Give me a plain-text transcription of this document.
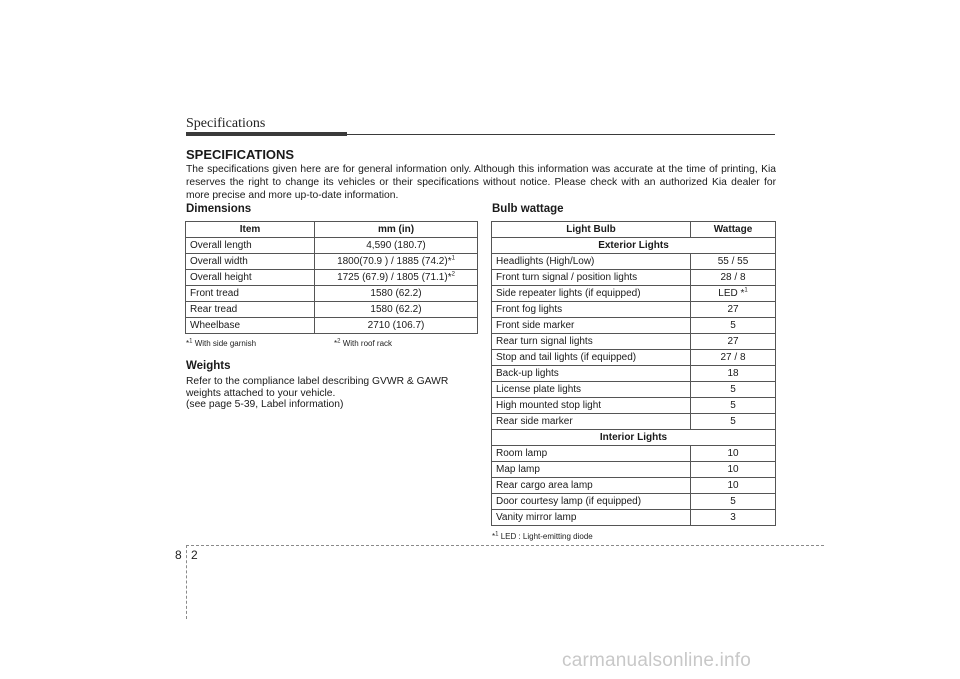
Specifications
SPECIFICATIONS

The specifications given here are for general information only. Although this information was accurate at the time of printing, Kia reserves the right to change its vehicles or their specifications without notice. Please check with an authorized Kia dealer for more precise and more up-to-date information.

Dimensions
Item	mm (in)
Overall length	4,590 (180.7)
Overall width	1800(70.9 ) / 1885 (74.2)*$^1$
Overall height	1725 (67.9) / 1805 (71.1)*$^2$
Front tread	1580 (62.2)
Rear tread	1580 (62.2)
Wheelbase	2710 (106.7)
*$^1$ With side garnish	*$^2$ With roof rack
Weights
Refer to the compliance label describing GVWR & GAWR
weights attached to your vehicle.
(see page 5-39, Label information)
Bulb wattage
Light Bulb	Wattage
Exterior Lights	
Headlights (High/Low)	55 / 55
Front turn signal / position lights	28 / 8
Side repeater lights (if equipped)	LED *$^1$
Front fog lights	27
Front side marker	5
Rear turn signal lights	27
Stop and tail lights (if equipped)	27 / 8
Back-up lights	18
License plate lights	5
High mounted stop light	5
Rear side marker	5
Interior Lights	
Room lamp	10
Map lamp	10
Rear cargo area lamp	10
Door courtesy lamp (if equipped)	5
Vanity mirror lamp	3
*$^1$ LED : Light-emitting diode
8 2
carmanualsonline.info
